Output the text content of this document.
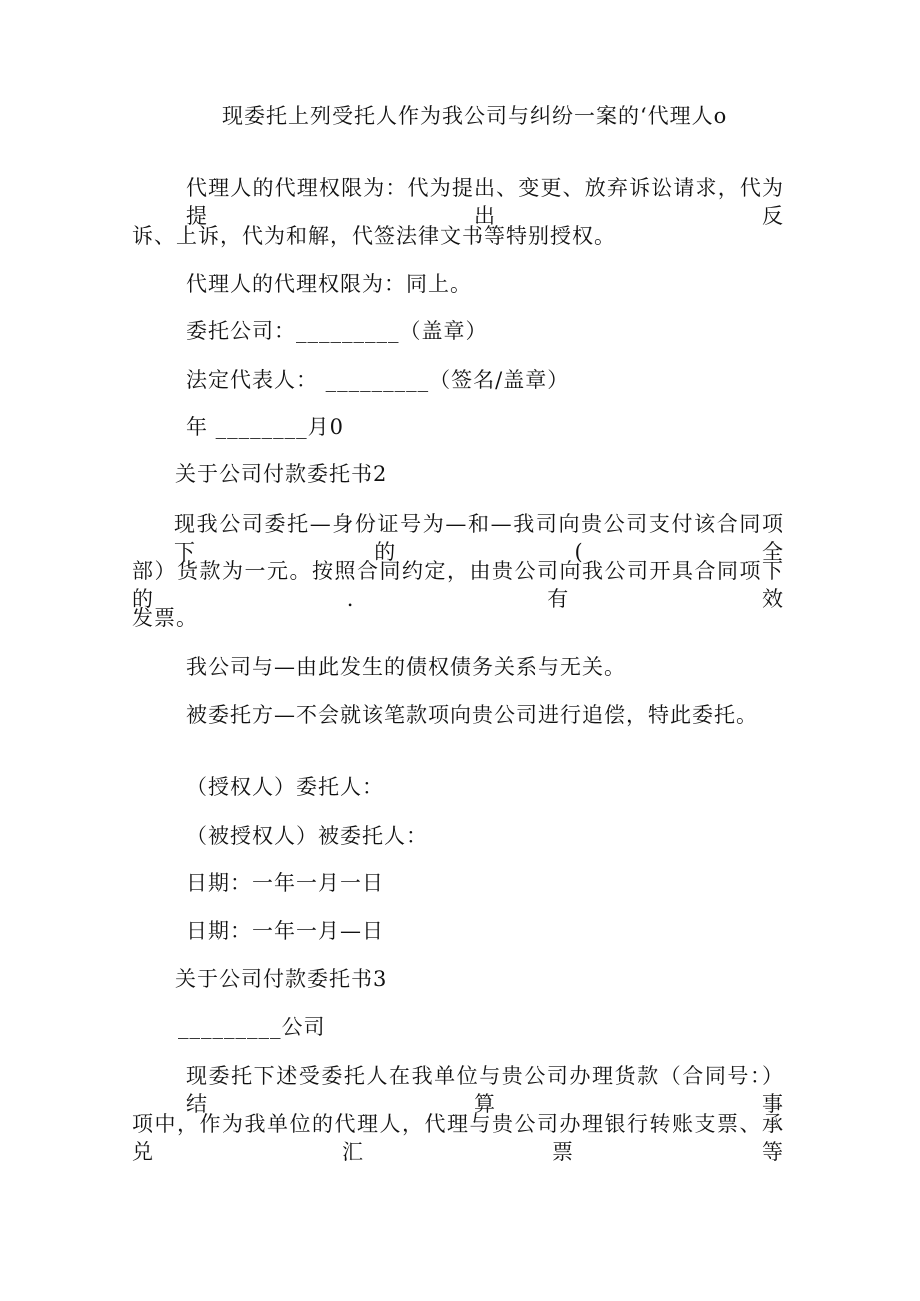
现委托上列受托人作为我公司与纠纷一案的‘代理人o
代理人的代理权限为：代为提出、变更、放弃诉讼请求，代为提出反
诉、上诉，代为和解，代签法律文书等特别授权。
代理人的代理权限为：同上。
委托公司：_________（盖章）
法定代表人： _________（签名/盖章）
年 ________月0
关于公司付款委托书2
现我公司委托—身份证号为—和—我司向贵公司支付该合同项下的(全
部）货款为一元。按照合同约定，由贵公司向我公司开具合同项下的.有效
发票。
我公司与—由此发生的债权债务关系与无关。
被委托方—不会就该笔款项向贵公司进行追偿，特此委托。
（授权人）委托人：
（被授权人）被委托人：
日期：一年一月一日
日期：一年一月—日
关于公司付款委托书3
_________公司
现委托下述受委托人在我单位与贵公司办理货款（合同号：）结算事
项中，作为我单位的代理人，代理与贵公司办理银行转账支票、承兑汇票等
